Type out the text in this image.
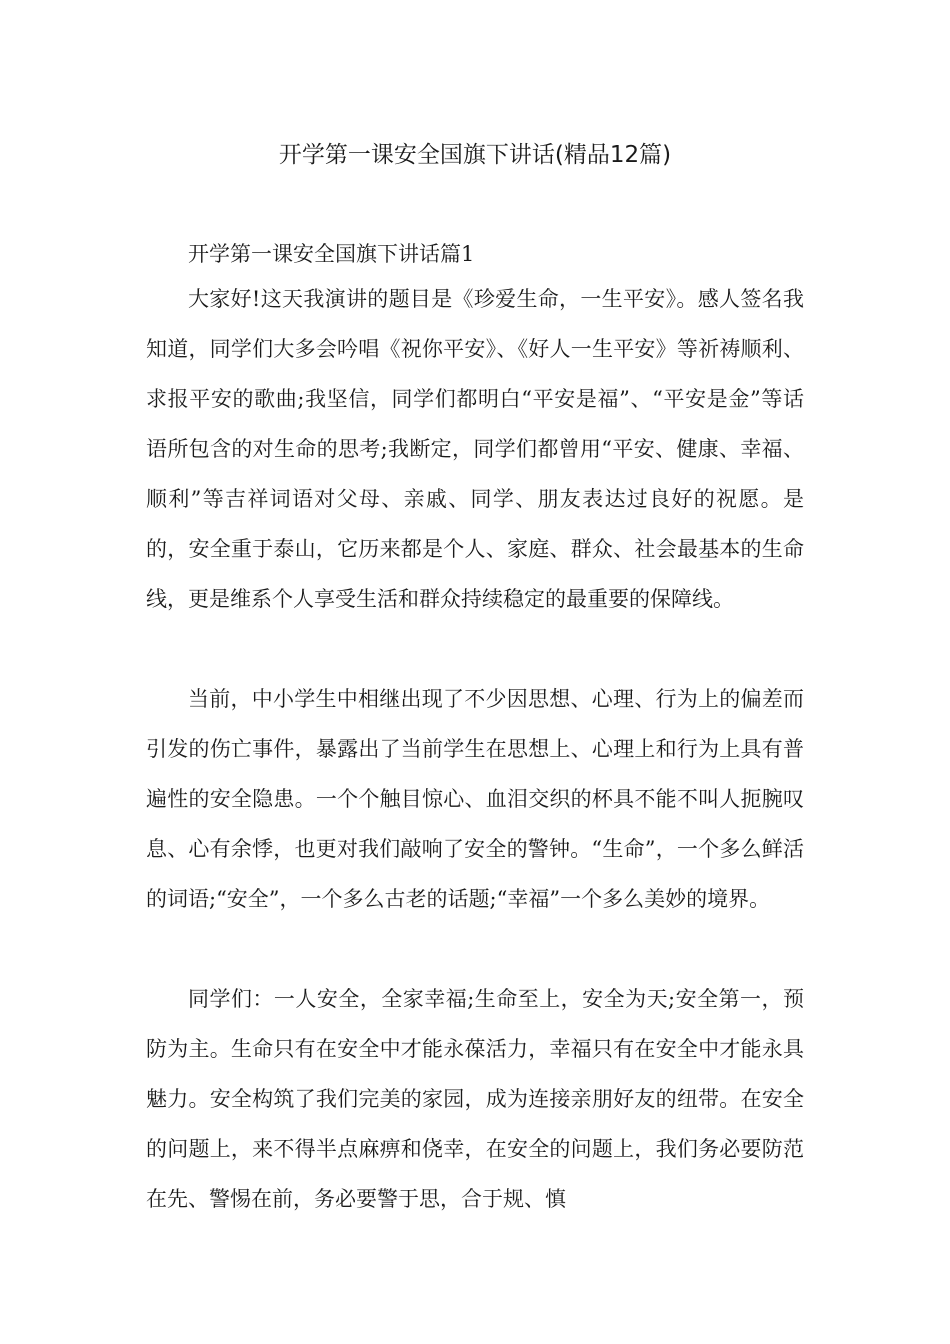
开学第一课安全国旗下讲话(精品12篇)
开学第一课安全国旗下讲话篇1

大家好!这天我演讲的题目是《珍爱生命，一生平安》。感人签名我知道，同学们大多会吟唱《祝你平安》、《好人一生平安》等祈祷顺利、求报平安的歌曲;我坚信，同学们都明白“平安是福”、“平安是金”等话语所包含的对生命的思考;我断定，同学们都曾用“平安、健康、幸福、顺利”等吉祥词语对父母、亲戚、同学、朋友表达过良好的祝愿。是的，安全重于泰山，它历来都是个人、家庭、群众、社会最基本的生命线，更是维系个人享受生活和群众持续稳定的最重要的保障线。

当前，中小学生中相继出现了不少因思想、心理、行为上的偏差而引发的伤亡事件，暴露出了当前学生在思想上、心理上和行为上具有普遍性的安全隐患。一个个触目惊心、血泪交织的杯具不能不叫人扼腕叹息、心有余悸，也更对我们敲响了安全的警钟。“生命”，一个多么鲜活的词语;“安全”，一个多么古老的话题;“幸福”一个多么美妙的境界。

同学们：一人安全，全家幸福;生命至上，安全为天;安全第一，预防为主。生命只有在安全中才能永葆活力，幸福只有在安全中才能永具魅力。安全构筑了我们完美的家园，成为连接亲朋好友的纽带。在安全的问题上，来不得半点麻痹和侥幸，在安全的问题上，我们务必要防范在先、警惕在前，务必要警于思，合于规、慎
